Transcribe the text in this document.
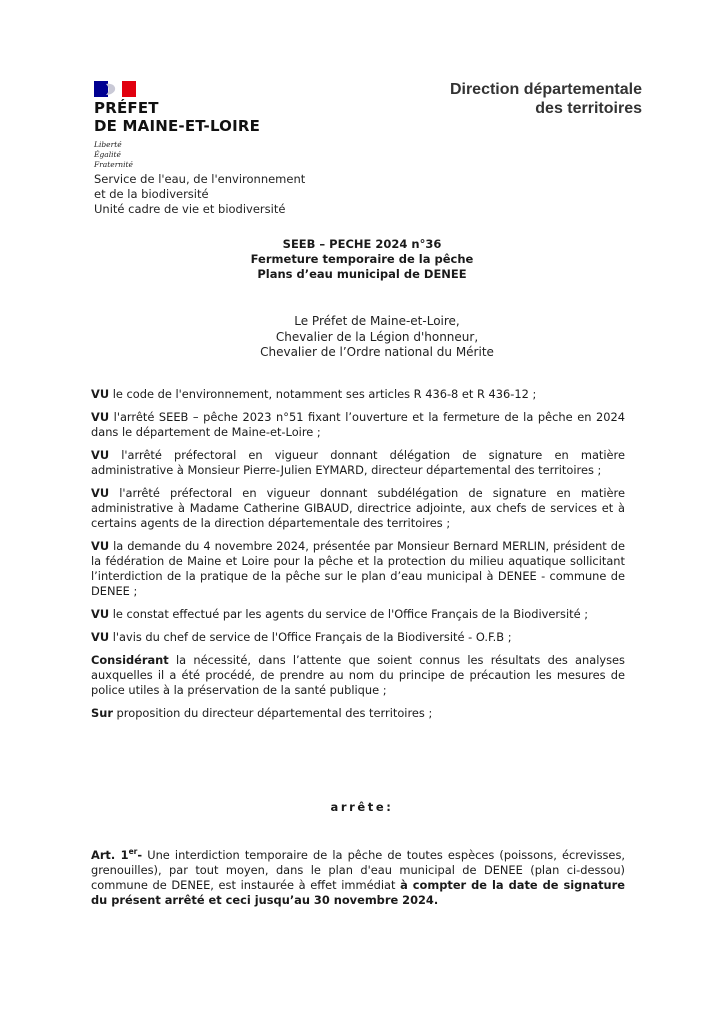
PRÉFET
DE MAINE-ET-LOIRE
Liberté
Égalité
Fraternité
Service de l'eau, de l'environnement
et de la biodiversité
Unité cadre de vie et biodiversité
Direction départementale
des territoires
SEEB – PECHE 2024 n°36
Fermeture temporaire de la pêche
Plans d’eau municipal de DENEE
Le Préfet de Maine-et-Loire,
Chevalier de la Légion d'honneur,
Chevalier de l’Ordre national du Mérite

VU le code de l'environnement, notamment ses articles R 436-8 et R 436-12 ;

VU l'arrêté SEEB – pêche 2023 n°51 fixant l’ouverture et la fermeture de la pêche en 2024 dans le département de Maine-et-Loire ;

VU l'arrêté préfectoral en vigueur donnant délégation de signature en matière administrative à Monsieur Pierre-Julien EYMARD, directeur départemental des territoires ;

VU l'arrêté préfectoral en vigueur donnant subdélégation de signature en matière administrative à Madame Catherine GIBAUD, directrice adjointe, aux chefs de services et à certains agents de la direction départementale des territoires ;

VU la demande du 4 novembre 2024, présentée par Monsieur Bernard MERLIN, président de la fédération de Maine et Loire pour la pêche et la protection du milieu aquatique sollicitant l’interdiction de la pratique de la pêche sur le plan d’eau municipal à DENEE - commune de DENEE ;

VU le constat effectué par les agents du service de l'Office Français de la Biodiversité ;

VU l'avis du chef de service de l'Office Français de la Biodiversité - O.F.B ;

Considérant la nécessité, dans l’attente que soient connus les résultats des analyses auxquelles il a été procédé, de prendre au nom du principe de précaution les mesures de police utiles à la préservation de la santé publique ;

Sur proposition du directeur départemental des territoires ;

arrête:
Art. 1er- Une interdiction temporaire de la pêche de toutes espèces (poissons, écrevisses, grenouilles), par tout moyen, dans le plan d'eau municipal de DENEE (plan ci-dessou) commune de DENEE, est instaurée à effet immédiat à compter de la date de signature du présent arrêté et ceci jusqu’au 30 novembre 2024.
